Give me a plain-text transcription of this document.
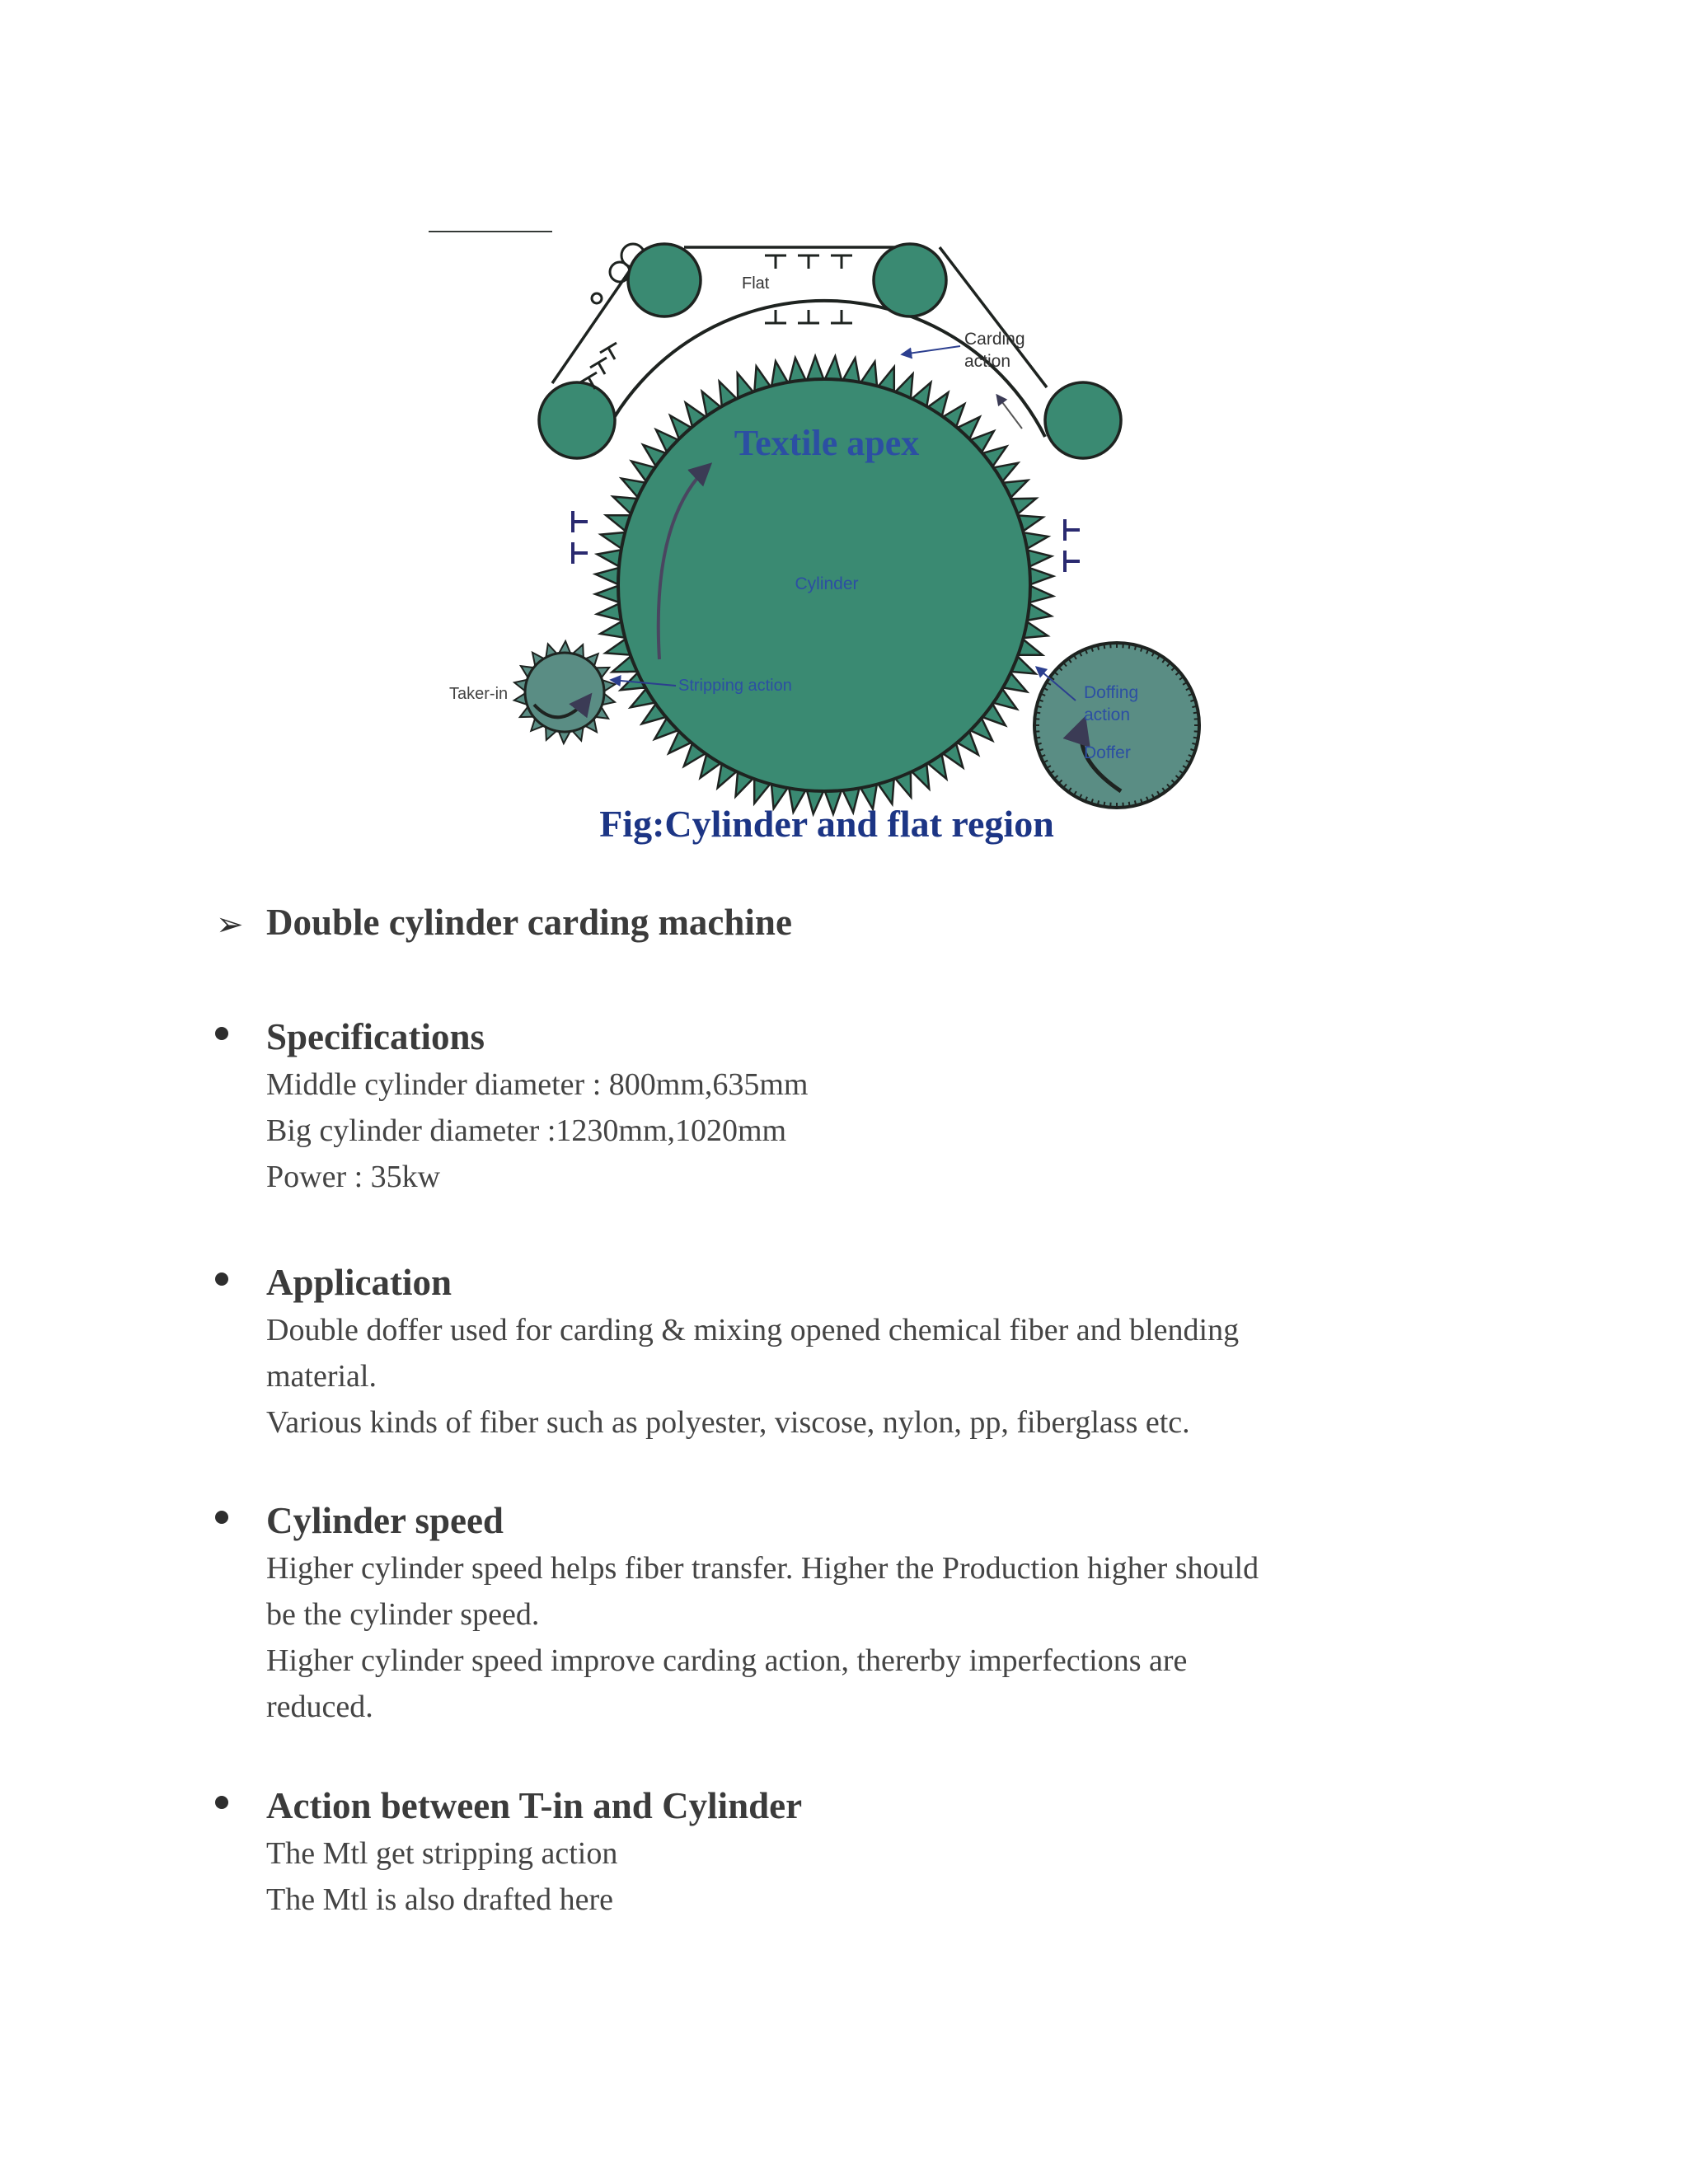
Textile apex
Flat
Carding
action
Cylinder
Taker-in	Stripping action	Doffing
action
Doffer
Fig:Cylinder and flat region
➢ Double cylinder carding machine
Specifications
Middle cylinder diameter : 800mm,635mm
Big cylinder diameter :1230mm,1020mm
Power : 35kw
Application
Double doffer used for carding & mixing opened chemical fiber and blending
material.
Various kinds of fiber such as polyester, viscose, nylon, pp, fiberglass etc.
Cylinder speed
Higher cylinder speed helps fiber transfer. Higher the Production higher should
be the cylinder speed.
Higher cylinder speed improve carding action, thererby imperfections are
reduced.
Action between T-in and Cylinder
The Mtl get stripping action
The Mtl is also drafted here
